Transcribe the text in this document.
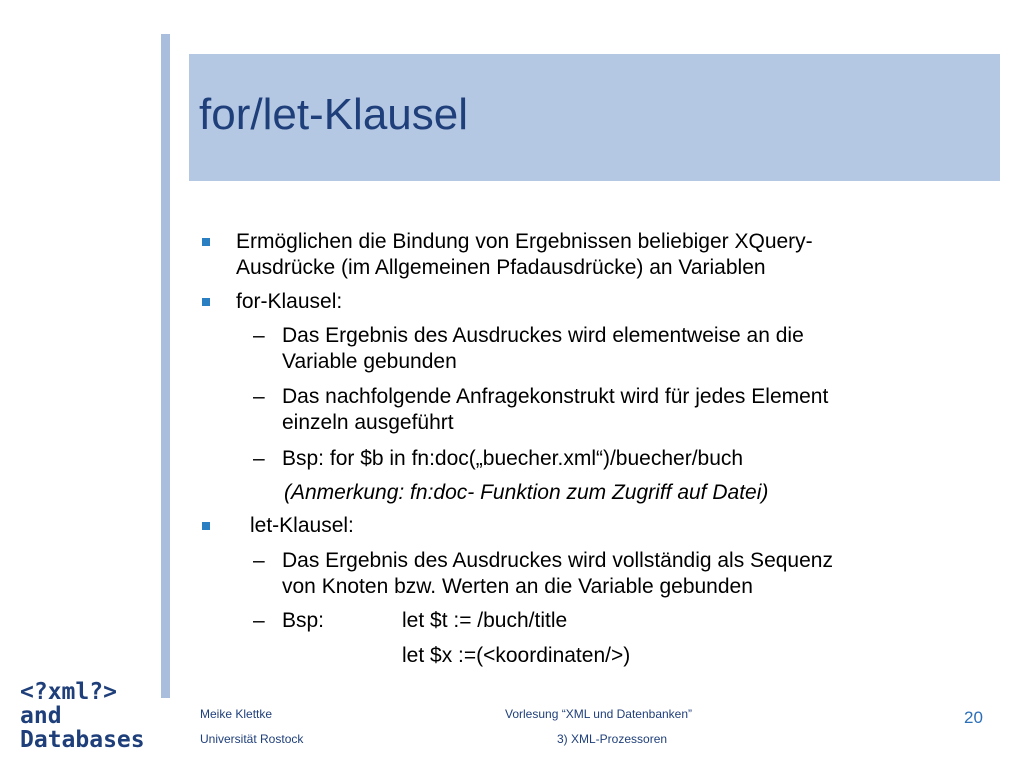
for/let-Klausel
Ermöglichen die Bindung von Ergebnissen beliebiger XQuery-
Ausdrücke (im Allgemeinen Pfadausdrücke) an Variablen
for-Klausel:
– Das Ergebnis des Ausdruckes wird elementweise an die
Variable gebunden
– Das nachfolgende Anfragekonstrukt wird für jedes Element
einzeln ausgeführt
– Bsp: for $b in fn:doc(„buecher.xml“)/buecher/buch
(Anmerkung: fn:doc- Funktion zum Zugriff auf Datei)
let-Klausel:
– Das Ergebnis des Ausdruckes wird vollständig als Sequenz
von Knoten bzw. Werten an die Variable gebunden
– Bsp:	let $t := /buch/title
let $x :=(<koordinaten/>)
<?xml?>
and
Databases
Meike Klettke
Universität Rostock
Vorlesung “XML und Datenbanken”
3) XML-Prozessoren
20
